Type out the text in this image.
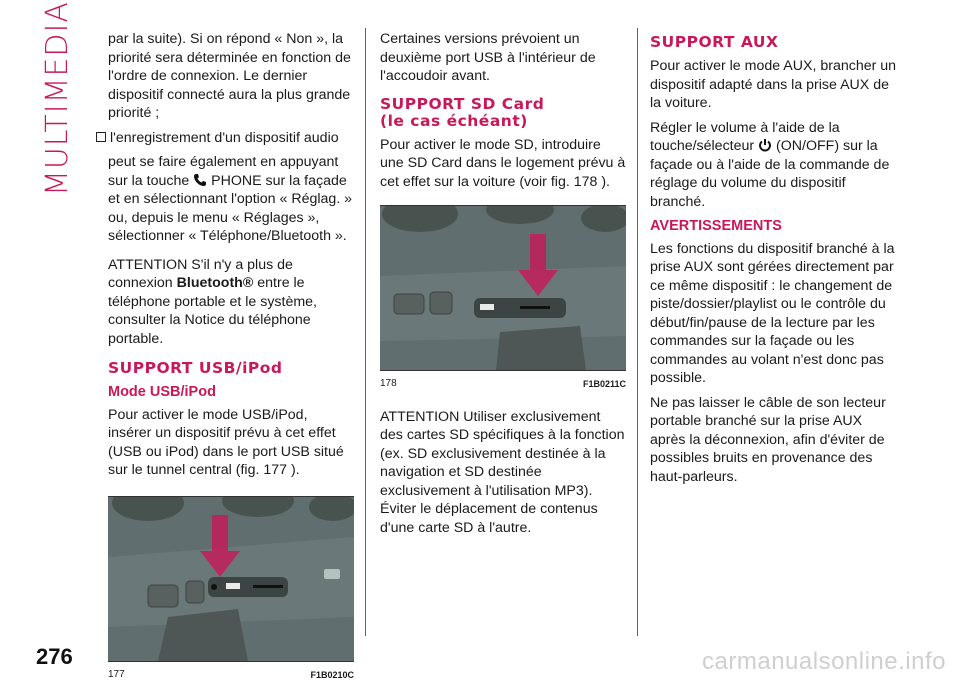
MULTIMEDIA par la suite). Si on répond « Non », la priorité sera déterminée en fonction de l'ordre de connexion. Le dernier dispositif connecté aura la plus grande priorité ;

l'enregistrement d'un dispositif audio

peut se faire également en appuyant sur la touche PHONE sur la façade et en sélectionnant l'option « Réglag. » ou, depuis le menu « Réglages », sélectionner « Téléphone/Bluetooth ».

ATTENTION S'il n'y a plus de connexion Bluetooth® entre le téléphone portable et le système, consulter la Notice du téléphone portable.

SUPPORT USB/iPod
Mode USB/iPod

Pour activer le mode USB/iPod, insérer un dispositif prévu à cet effet (USB ou iPod) dans le port USB situé sur le tunnel central (fig. 177 ).

177	F1B0210C

Certaines versions prévoient un deuxième port USB à l'intérieur de l'accoudoir avant.

SUPPORT SD Card
(le cas échéant)

Pour activer le mode SD, introduire une SD Card dans le logement prévu à cet effet sur la voiture (voir fig. 178 ).

178	F1B0211C

ATTENTION Utiliser exclusivement des cartes SD spécifiques à la fonction (ex. SD exclusivement destinée à la navigation et SD destinée exclusivement à l'utilisation MP3). Éviter le déplacement de contenus d'une carte SD à l'autre.

SUPPORT AUX

Pour activer le mode AUX, brancher un dispositif adapté dans la prise AUX de la voiture.

Régler le volume à l'aide de la touche/sélecteur (ON/OFF) sur la façade ou à l'aide de la commande de réglage du volume du dispositif branché.

AVERTISSEMENTS

Les fonctions du dispositif branché à la prise AUX sont gérées directement par ce même dispositif : le changement de piste/dossier/playlist ou le contrôle du début/fin/pause de la lecture par les commandes sur la façade ou les commandes au volant n'est donc pas possible.

Ne pas laisser le câble de son lecteur portable branché sur la prise AUX après la déconnexion, afin d'éviter de possibles bruits en provenance des haut-parleurs.

276	carmanualsonline.info
